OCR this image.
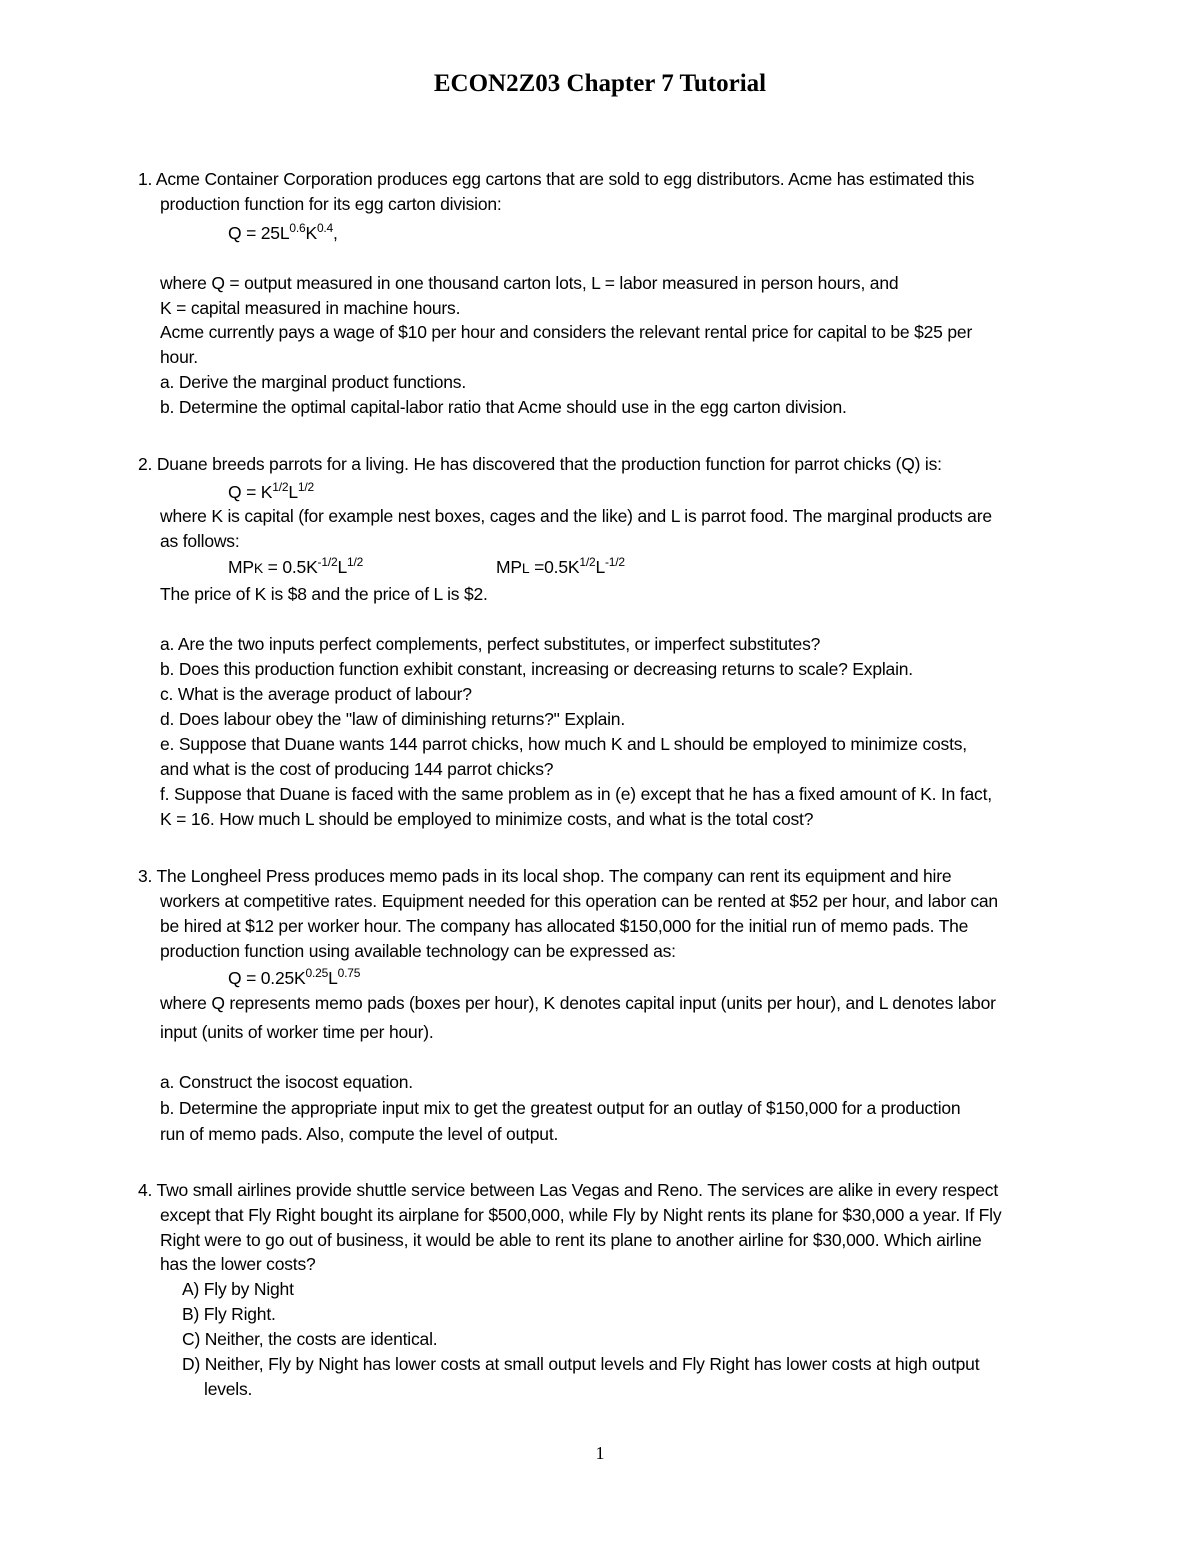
ECON2Z03 Chapter 7 Tutorial
1. Acme Container Corporation produces egg cartons that are sold to egg distributors. Acme has estimated this
production function for its egg carton division:
$Q = 25L^{0.6}K^{0.4}$,
where Q = output measured in one thousand carton lots, L = labor measured in person hours, and
K = capital measured in machine hours.
Acme currently pays a wage of $10 per hour and considers the relevant rental price for capital to be $25 per
hour.
a. Derive the marginal product functions.
b. Determine the optimal capital-labor ratio that Acme should use in the egg carton division.
2. Duane breeds parrots for a living. He has discovered that the production function for parrot chicks (Q) is:
$Q = K^{1/2}L^{1/2}$
where K is capital (for example nest boxes, cages and the like) and L is parrot food. The marginal products are
as follows:
MPK = $0.5K^{-1/2}L^{1/2}$	MPL $=0.5K^{1/2}L^{-1/2}$
The price of K is $8 and the price of L is $2.
a. Are the two inputs perfect complements, perfect substitutes, or imperfect substitutes?
b. Does this production function exhibit constant, increasing or decreasing returns to scale? Explain.
c. What is the average product of labour?
d. Does labour obey the "law of diminishing returns?" Explain.
e. Suppose that Duane wants 144 parrot chicks, how much K and L should be employed to minimize costs,
and what is the cost of producing 144 parrot chicks?
f. Suppose that Duane is faced with the same problem as in (e) except that he has a fixed amount of K. In fact,
K = 16. How much L should be employed to minimize costs, and what is the total cost?
3. The Longheel Press produces memo pads in its local shop. The company can rent its equipment and hire
workers at competitive rates. Equipment needed for this operation can be rented at $52 per hour, and labor can
be hired at $12 per worker hour. The company has allocated $150,000 for the initial run of memo pads. The
production function using available technology can be expressed as:
$Q = 0.25K^{0.25}L^{0.75}$
where Q represents memo pads (boxes per hour), K denotes capital input (units per hour), and L denotes labor
input (units of worker time per hour).
a. Construct the isocost equation.
b. Determine the appropriate input mix to get the greatest output for an outlay of $150,000 for a production
run of memo pads. Also, compute the level of output.
4. Two small airlines provide shuttle service between Las Vegas and Reno. The services are alike in every respect
except that Fly Right bought its airplane for $500,000, while Fly by Night rents its plane for $30,000 a year. If Fly
Right were to go out of business, it would be able to rent its plane to another airline for $30,000. Which airline
has the lower costs?
A) Fly by Night
B) Fly Right.
C) Neither, the costs are identical.
D) Neither, Fly by Night has lower costs at small output levels and Fly Right has lower costs at high output
levels.
1
